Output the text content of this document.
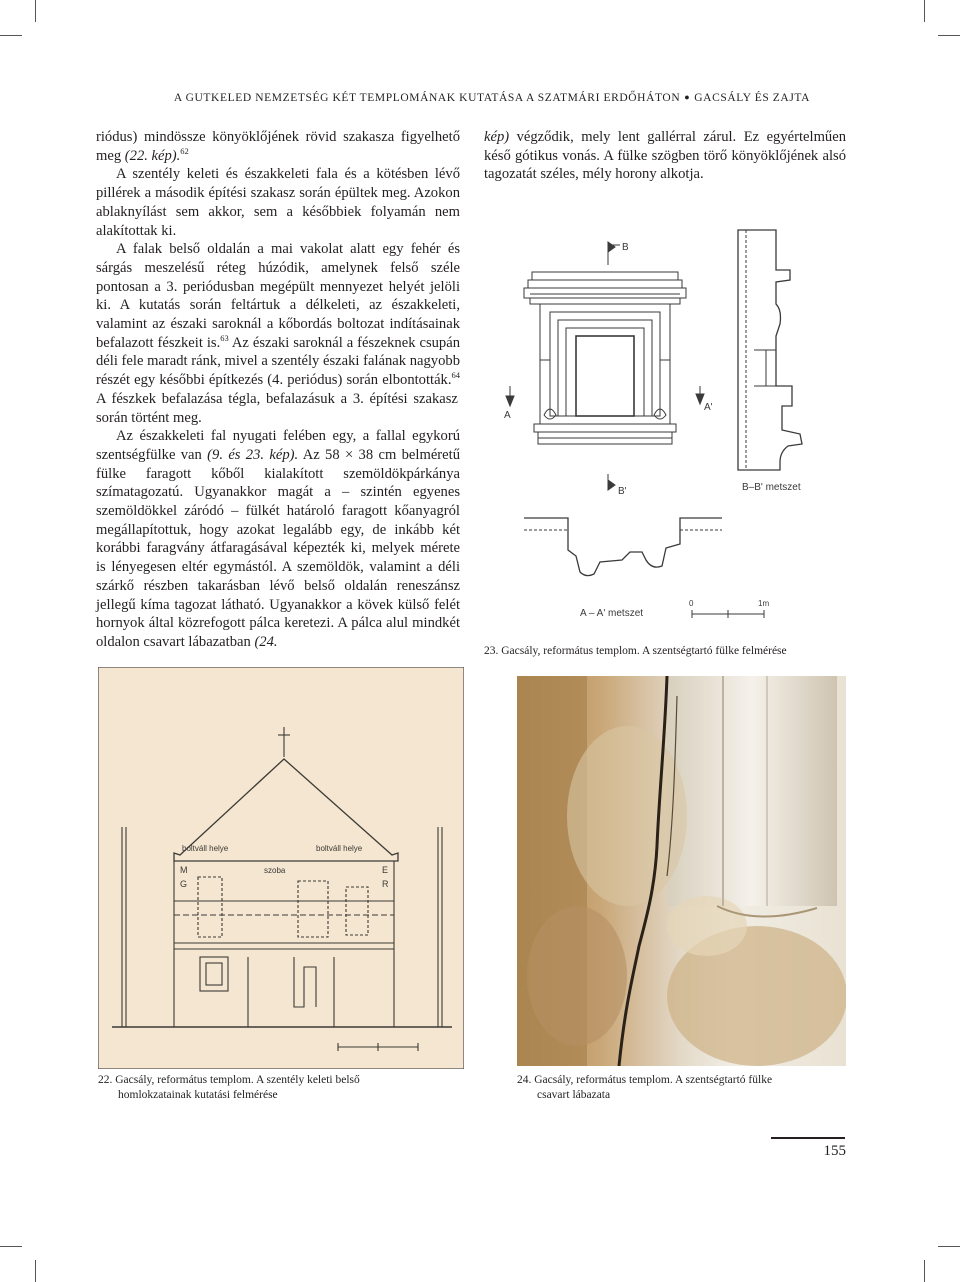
A GUTKELED NEMZETSÉG KÉT TEMPLOMÁNAK KUTATÁSA A SZATMÁRI ERDŐHÁTON ● GACSÁLY ÉS ZAJTA

riódus) mindössze könyöklőjének rövid szakasza figyelhető meg (22. kép).$^{62}$

A szentély keleti és északkeleti fala és a kötésben lévő pillérek a második építési szakasz során épültek meg. Azokon ablaknyílást sem akkor, sem a későbbiek folyamán nem alakítottak ki.

A falak belső oldalán a mai vakolat alatt egy fehér és sárgás meszelésű réteg húzódik, amelynek felső széle pontosan a 3. periódusban megépült mennyezet helyét jelöli ki. A kutatás során feltártuk a délkeleti, az északkeleti, valamint az északi saroknál a kőbordás boltozat indításainak befalazott fészkeit is.$^{63}$ Az északi saroknál a fészeknek csupán déli fele maradt ránk, mivel a szentély északi falának nagyobb részét egy későbbi építkezés (4. periódus) során elbontották.$^{64}$ A fészkek befalazása tégla, befalazásuk a 3. építési szakasz során történt meg.

Az északkeleti fal nyugati felében egy, a fallal egykorú szentségfülke van (9. és 23. kép). Az 58 × 38 cm belméretű fülke faragott kőből kialakított szemöldökpárkánya szímatagozatú. Ugyanakkor magát a – szintén egyenes szemöldökkel záródó – fülkét határoló faragott kőanyagról megállapítottuk, hogy azokat legalább egy, de inkább két korábbi faragvány átfaragásával képezték ki, melyek mérete is lényegesen eltér egymástól. A szemöldök, valamint a déli szárkő részben takarásban lévő belső oldalán reneszánsz jellegű kíma tagozat látható. Ugyanakkor a kövek külső felét hornyok által közrefogott pálca keretezi. A pálca alul mindkét oldalon csavart lábazatban (24.

kép) végződik, mely lent gallérral zárul. Ez egyértelműen késő gótikus vonás. A fülke szögben törő könyöklőjének alsó tagozatát széles, mély horony alkotja.

B
A
A'
B'	B–B' metszet
A – A' metszet
0	1m
23. Gacsály, református templom. A szentségtartó fülke felmérése
boltváll helye	boltváll helye
szoba
M
G
E
R
22. Gacsály, református templom. A szentély keleti belső
homlokzatainak kutatási felmérése
24. Gacsály, református templom. A szentségtartó fülke
csavart lábazata
155
